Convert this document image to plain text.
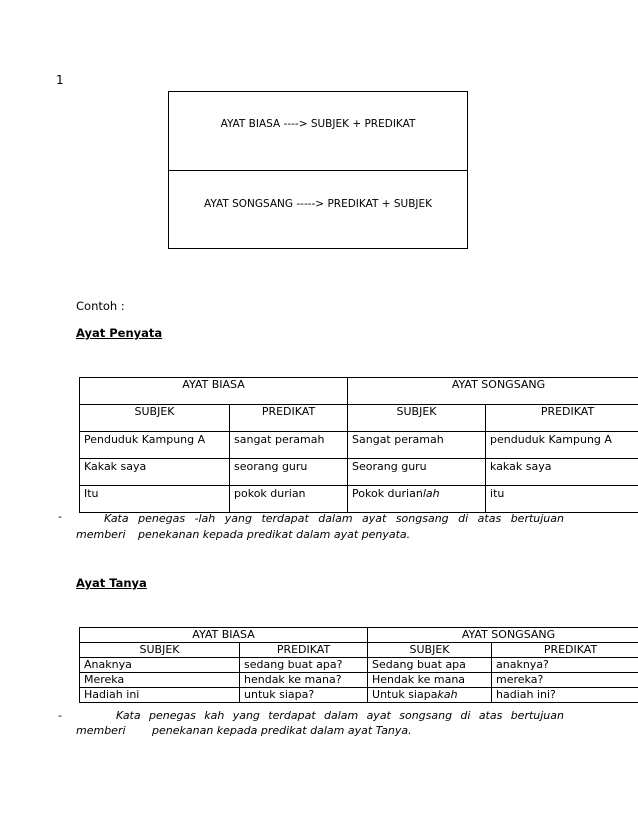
1
AYAT BIASA ----> SUBJEK + PREDIKAT
AYAT SONGSANG -----> PREDIKAT + SUBJEK
Contoh :
Ayat Penyata
AYAT BIASA		AYAT SONGSANG	
SUBJEK	PREDIKAT	SUBJEK	PREDIKAT
Penduduk Kampung A	sangat peramah	Sangat peramah	penduduk Kampung A
Kakak saya	seorang guru	Seorang guru	kakak saya
Itu	pokok durian	Pokok durianlah	itu
-	Kata penegas -lah yang terdapat dalam ayat songsang di atas bertujuan
memberi penekanan kepada predikat dalam ayat penyata.
Ayat Tanya
AYAT BIASA		AYAT SONGSANG	
SUBJEK	PREDIKAT	SUBJEK	PREDIKAT
Anaknya	sedang buat apa?	Sedang buat apa	anaknya?
Mereka	hendak ke mana?	Hendak ke mana	mereka?
Hadiah ini	untuk siapa?	Untuk siapakah	hadiah ini?
-	Kata penegas kah yang terdapat dalam ayat songsang di atas bertujuan
memberi penekanan kepada predikat dalam ayat Tanya.
